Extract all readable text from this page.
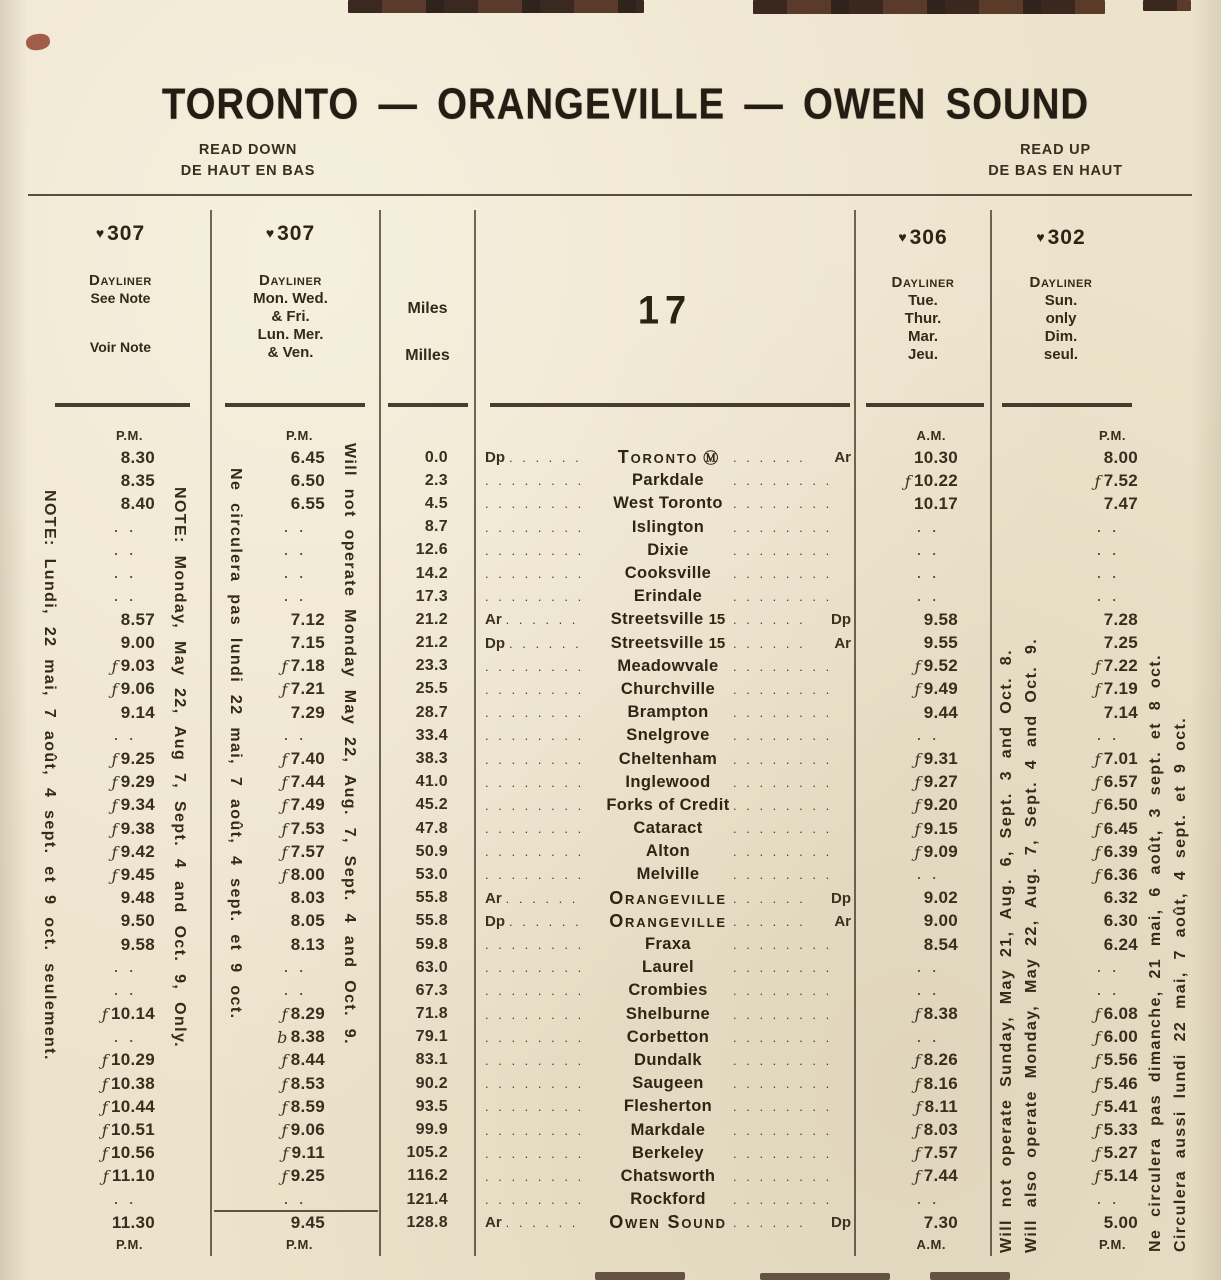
TORONTO — ORANGEVILLE — OWEN SOUND
READ DOWN
DE HAUT EN BAS
READ UP
DE BAS EN HAUT
♥307
Dayliner
See Note
Voir Note
♥307
Dayliner
Mon. Wed.
& Fri.
Lun. Mer.
& Ven.
Miles
Milles
17
♥306
Dayliner
Tue.
Thur.
Mar.
Jeu.
♥302
Dayliner
Sun.
only
Dim.
seul.
P.M.	P.M.	A.M.	P.M.
8.30	6.45	0.0 Dp . . . . . .	Toronto Ⓜ	. . . . . .	Ar	10.30	8.00
8.35	6.50	2.3	. . . . . . . .	Parkdale	. . . . . . . .	ƒ 10.22	ƒ 7.52
8.40	6.55	4.5	. . . . . . . .	West Toronto . . . . . . . .	10.17	7.47
. .	. .	8.7	. . . . . . . .	Islington	. . . . . . . .	. .	. .
. .	. .	12.6	. . . . . . . .	Dixie	. . . . . . . .	. .	. .
. .	. .	14.2	. . . . . . . .	Cooksville	. . . . . . . .	. .	. .
. .	. .	17.3	. . . . . . . .	Erindale	. . . . . . . .	. .	. .
8.57	7.12	21.2 Ar . . . . . .	Streetsville 15 . . . . . .	Dp	9.58	7.28
9.00	7.15	21.2 Dp . . . . . .	Streetsville 15 . . . . . .	Ar	9.55	7.25
ƒ 9.03	ƒ 7.18	23.3	. . . . . . . .	Meadowvale	. . . . . . . .	ƒ 9.52	ƒ 7.22
ƒ 9.06	ƒ 7.21	25.5	. . . . . . . .	Churchville	. . . . . . . .	ƒ 9.49	ƒ 7.19
9.14	7.29	28.7	. . . . . . . .	Brampton	. . . . . . . .	9.44	7.14
. .	. .	33.4	. . . . . . . .	Snelgrove	. . . . . . . .	. .	. .
ƒ 9.25	ƒ 7.40	38.3	. . . . . . . .	Cheltenham	. . . . . . . .	ƒ 9.31	ƒ 7.01
ƒ 9.29	ƒ 7.44	41.0	. . . . . . . .	Inglewood	. . . . . . . .	ƒ 9.27	ƒ 6.57
ƒ 9.34	ƒ 7.49	45.2	. . . . . . . .	Forks of Credit . . . . . . . .	ƒ 9.20	ƒ 6.50
ƒ 9.38	ƒ 7.53	47.8	. . . . . . . .	Cataract	. . . . . . . .	ƒ 9.15	ƒ 6.45
ƒ 9.42	ƒ 7.57	50.9	. . . . . . . .	Alton	. . . . . . . .	ƒ 9.09	ƒ 6.39
ƒ 9.45	ƒ 8.00	53.0	. . . . . . . .	Melville	. . . . . . . .	. .	ƒ 6.36
9.48	8.03	55.8 Ar . . . . . .	Orangeville . . . . . .	Dp	9.02	6.32
9.50	8.05	55.8 Dp . . . . . .	Orangeville . . . . . .	Ar	9.00	6.30
9.58	8.13	59.8	. . . . . . . .	Fraxa	. . . . . . . .	8.54	6.24
. .	. .	63.0	. . . . . . . .	Laurel	. . . . . . . .	. .	. .
. .	. .	67.3	. . . . . . . .	Crombies	. . . . . . . .	. .	. .
ƒ 10.14	ƒ 8.29	71.8	. . . . . . . .	Shelburne	. . . . . . . .	ƒ 8.38	ƒ 6.08
. .	b 8.38	79.1	. . . . . . . .	Corbetton	. . . . . . . .	. .	ƒ 6.00
ƒ 10.29	ƒ 8.44	83.1	. . . . . . . .	Dundalk	. . . . . . . .	ƒ 8.26	ƒ 5.56
ƒ 10.38	ƒ 8.53	90.2	. . . . . . . .	Saugeen	. . . . . . . .	ƒ 8.16	ƒ 5.46
ƒ 10.44	ƒ 8.59	93.5	. . . . . . . .	Flesherton	. . . . . . . .	ƒ 8.11	ƒ 5.41
ƒ 10.51	ƒ 9.06	99.9	. . . . . . . .	Markdale	. . . . . . . .	ƒ 8.03	ƒ 5.33
ƒ 10.56	ƒ 9.11	105.2	. . . . . . . .	Berkeley	. . . . . . . .	ƒ 7.57	ƒ 5.27
ƒ 11.10	ƒ 9.25	116.2	. . . . . . . .	Chatsworth	. . . . . . . .	ƒ 7.44	ƒ 5.14
. .	. .	121.4	. . . . . . . .	Rockford	. . . . . . . .	. .	. .
11.30	9.45	128.8 Ar . . . . . .	Owen Sound . . . . . .	Dp	7.30	5.00
P.M.	P.M.	A.M.	P.M.
NOTE: Lundi, 22 mai, 7 août, 4 sept. et 9 oct. seulement.	NOTE: Monday, May 22, Aug 7, Sept. 4 and Oct. 9, Only. Ne circulera pas lundi 22 mai, 7 août, 4 sept. et 9 oct.	Will not operate Monday May 22, Aug. 7, Sept. 4 and Oct. 9.	Will not operate Sunday, May 21, Aug. 6, Sept. 3 and Oct. 8. Will also operate Monday, May 22, Aug. 7, Sept. 4 and Oct. 9.	Ne circulera pas dimanche, 21 mai, 6 août, 3 sept. et 8 oct. Circulera aussi lundi 22 mai, 7 août, 4 sept. et 9 oct.
